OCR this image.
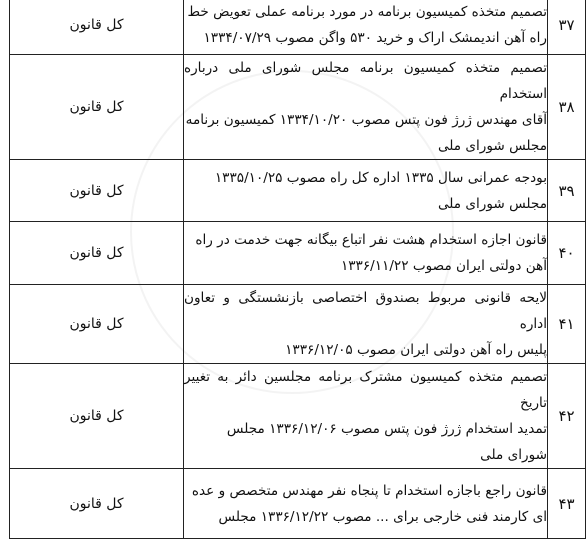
کل قانون	تصمیم متخذه کمیسیون برنامه در مورد برنامه عملی تعویض خط
راه آهن اندیمشک اراک و خرید ۵۳۰ واگن مصوب ۱۳۳۴/۰۷/۲۹	۳۷
کل قانون	تصمیم متخذه کمیسیون برنامه مجلس شورای ملی درباره استخدام
آقای مهندس ژرژ فون پتس مصوب ۱۳۳۴/۱۰/۲۰ کمیسیون برنامه
مجلس شورای ملی	۳۸
کل قانون	بودجه عمرانی سال ۱۳۳۵ اداره کل راه مصوب ۱۳۳۵/۱۰/۲۵
مجلس شورای ملی	۳۹
کل قانون	قانون اجازه استخدام هشت نفر اتباع بیگانه جهت خدمت در راه
آهن دولتی ایران مصوب ۱۳۳۶/۱۱/۲۲	۴۰
کل قانون	لایحه قانونی مربوط بصندوق اختصاصی بازنشستگی و تعاون اداره
پلیس راه آهن دولتی ایران مصوب ۱۳۳۶/۱۲/۰۵	۴۱
کل قانون	تصمیم متخذه کمیسیون مشترک برنامه مجلسین دائر به تغییر تاریخ
تمدید استخدام ژرژ فون پتس مصوب ۱۳۳۶/۱۲/۰۶ مجلس
شورای ملی	۴۲
کل قانون	قانون راجع باجازه استخدام تا پنجاه نفر مهندس متخصص و عده
ای کارمند فنی خارجی برای ... مصوب ۱۳۳۶/۱۲/۲۲ مجلس	۴۳
